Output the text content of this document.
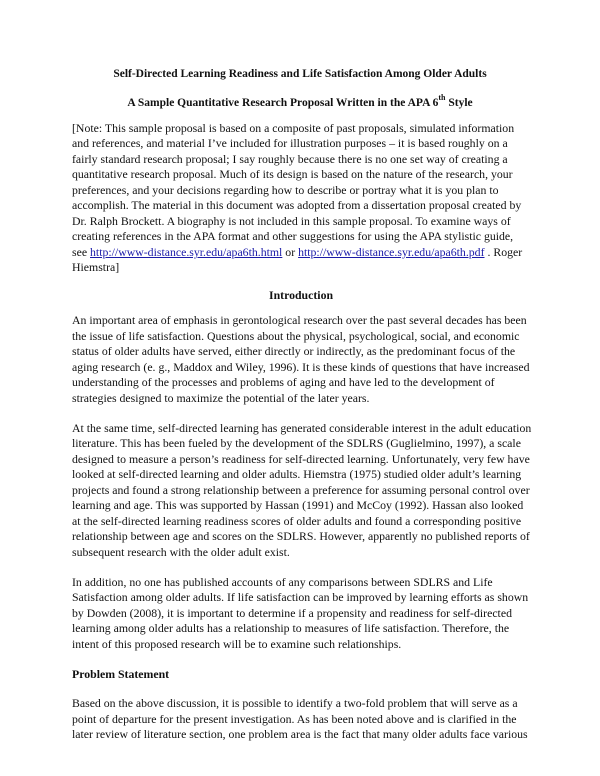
Self-Directed Learning Readiness and Life Satisfaction Among Older Adults
A Sample Quantitative Research Proposal Written in the APA 6th Style
[Note: This sample proposal is based on a composite of past proposals, simulated information
and references, and material I’ve included for illustration purposes – it is based roughly on a
fairly standard research proposal; I say roughly because there is no one set way of creating a
quantitative research proposal. Much of its design is based on the nature of the research, your
preferences, and your decisions regarding how to describe or portray what it is you plan to
accomplish. The material in this document was adopted from a dissertation proposal created by
Dr. Ralph Brockett. A biography is not included in this sample proposal. To examine ways of
creating references in the APA format and other suggestions for using the APA stylistic guide,
see http://www-distance.syr.edu/apa6th.html or http://www-distance.syr.edu/apa6th.pdf . Roger
Hiemstra]
Introduction
An important area of emphasis in gerontological research over the past several decades has been
the issue of life satisfaction. Questions about the physical, psychological, social, and economic
status of older adults have served, either directly or indirectly, as the predominant focus of the
aging research (e. g., Maddox and Wiley, 1996). It is these kinds of questions that have increased
understanding of the processes and problems of aging and have led to the development of
strategies designed to maximize the potential of the later years.
At the same time, self-directed learning has generated considerable interest in the adult education
literature. This has been fueled by the development of the SDLRS (Guglielmino, 1997), a scale
designed to measure a person’s readiness for self-directed learning. Unfortunately, very few have
looked at self-directed learning and older adults. Hiemstra (1975) studied older adult’s learning
projects and found a strong relationship between a preference for assuming personal control over
learning and age. This was supported by Hassan (1991) and McCoy (1992). Hassan also looked
at the self-directed learning readiness scores of older adults and found a corresponding positive
relationship between age and scores on the SDLRS. However, apparently no published reports of
subsequent research with the older adult exist.
In addition, no one has published accounts of any comparisons between SDLRS and Life
Satisfaction among older adults. If life satisfaction can be improved by learning efforts as shown
by Dowden (2008), it is important to determine if a propensity and readiness for self-directed
learning among older adults has a relationship to measures of life satisfaction. Therefore, the
intent of this proposed research will be to examine such relationships.
Problem Statement
Based on the above discussion, it is possible to identify a two-fold problem that will serve as a
point of departure for the present investigation. As has been noted above and is clarified in the
later review of literature section, one problem area is the fact that many older adults face various
